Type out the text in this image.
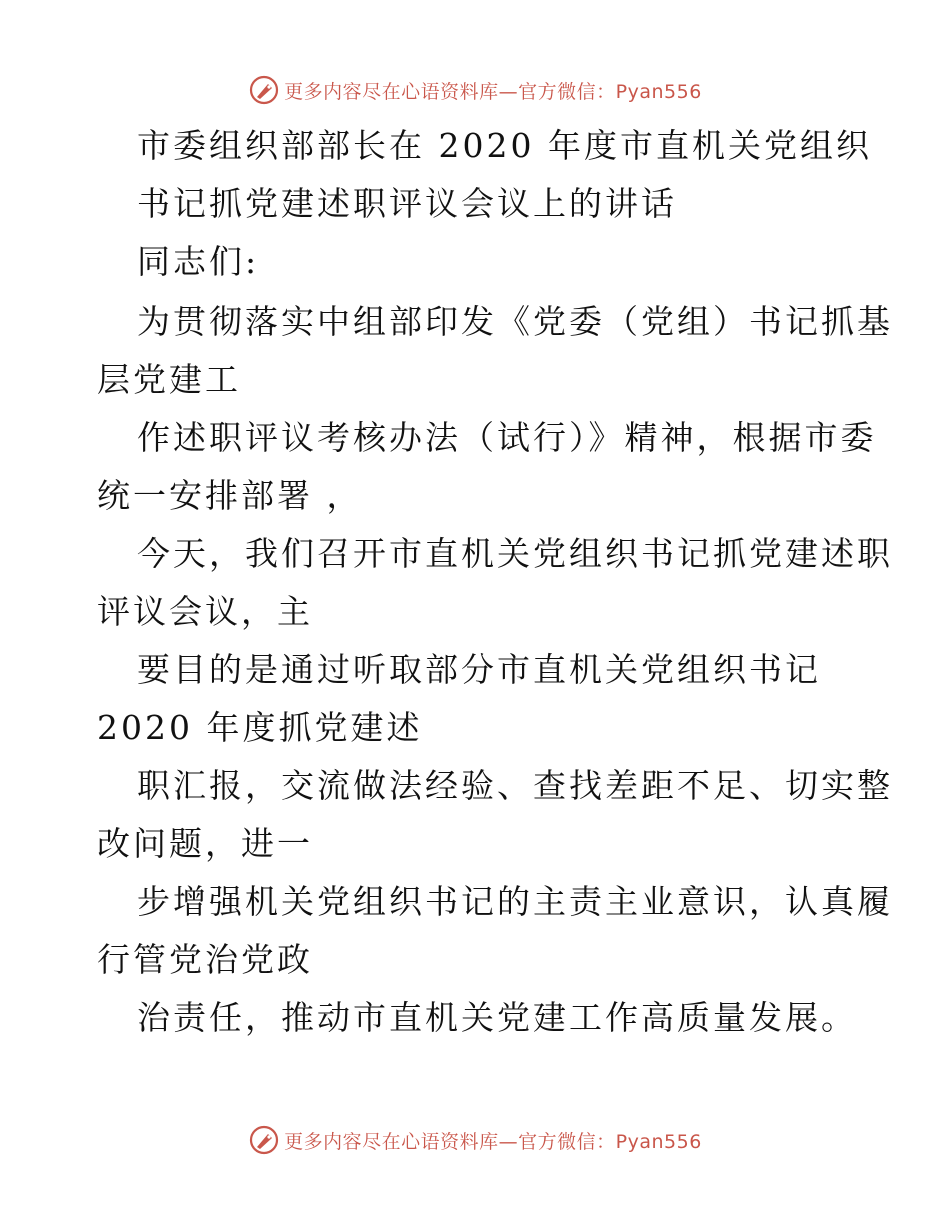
更多内容尽在心语资料库—官方微信：Pyan556
市委组织部部长在 2020 年度市直机关党组织
书记抓党建述职评议会议上的讲话
同志们:
为贯彻落实中组部印发《党委（党组）书记抓基
层党建工
作述职评议考核办法（试行）》精神，根据市委
统一安排部署 ，
今天，我们召开市直机关党组织书记抓党建述职
评议会议，主
要目的是通过听取部分市直机关党组织书记
2020 年度抓党建述
职汇报，交流做法经验、查找差距不足、切实整
改问题，进一
步增强机关党组织书记的主责主业意识，认真履
行管党治党政
治责任，推动市直机关党建工作高质量发展。
更多内容尽在心语资料库—官方微信：Pyan556
